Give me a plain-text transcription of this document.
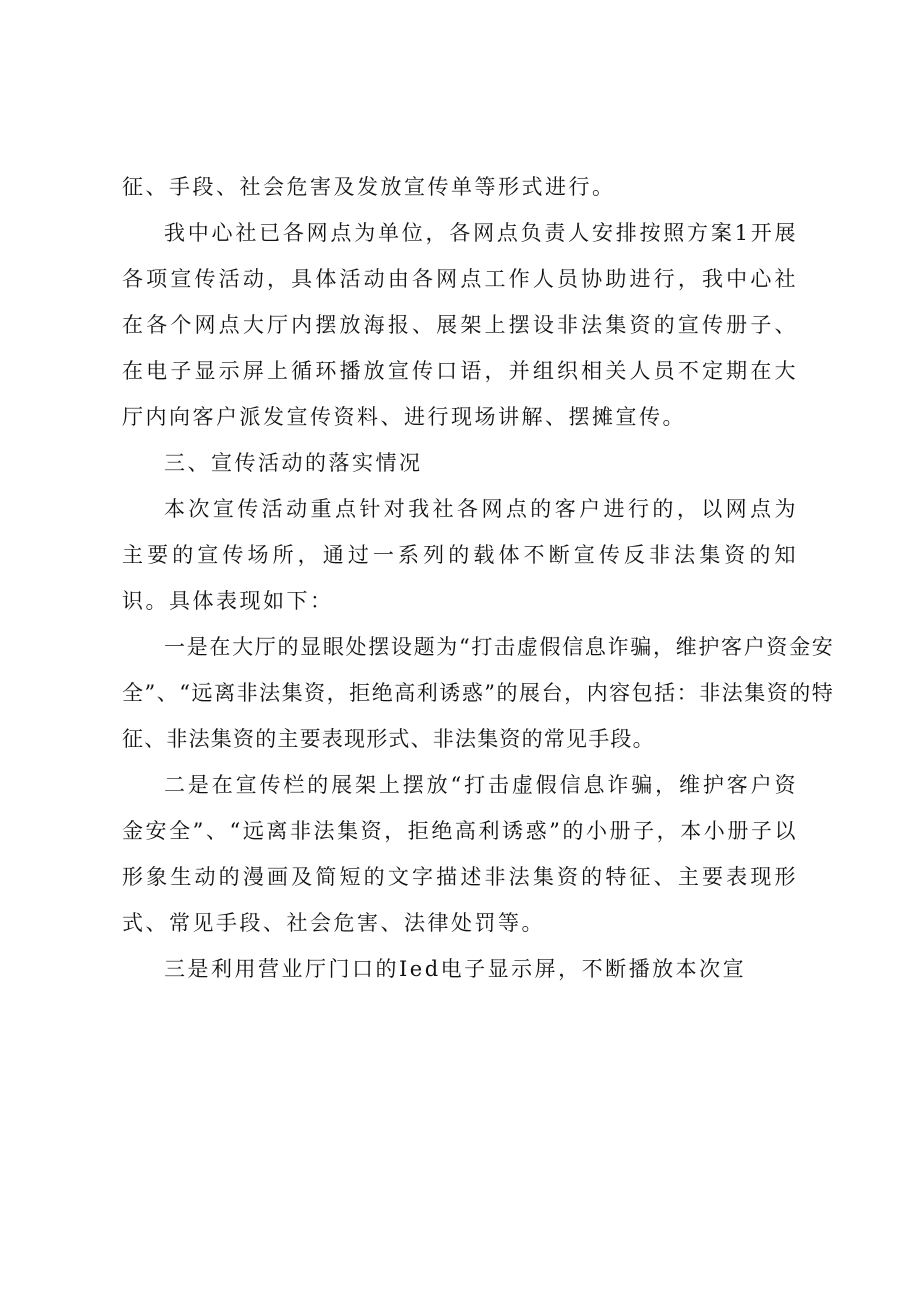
征、手段、社会危害及发放宣传单等形式进行。

我中心社已各网点为单位，各网点负责人安排按照方案1开展各项宣传活动，具体活动由各网点工作人员协助进行，我中心社在各个网点大厅内摆放海报、展架上摆设非法集资的宣传册子、在电子显示屏上循环播放宣传口语，并组织相关人员不定期在大厅内向客户派发宣传资料、进行现场讲解、摆摊宣传。

三、宣传活动的落实情况

本次宣传活动重点针对我社各网点的客户进行的，以网点为主要的宣传场所，通过一系列的载体不断宣传反非法集资的知识。具体表现如下：

一是在大厅的显眼处摆设题为“打击虚假信息诈骗，维护客户资金安全”、“远离非法集资，拒绝高利诱惑”的展台，内容包括：非法集资的特征、非法集资的主要表现形式、非法集资的常见手段。

二是在宣传栏的展架上摆放“打击虚假信息诈骗，维护客户资金安全”、“远离非法集资，拒绝高利诱惑”的小册子，本小册子以形象生动的漫画及简短的文字描述非法集资的特征、主要表现形式、常见手段、社会危害、法律处罚等。

三是利用营业厅门口的Ied电子显示屏，不断播放本次宣
